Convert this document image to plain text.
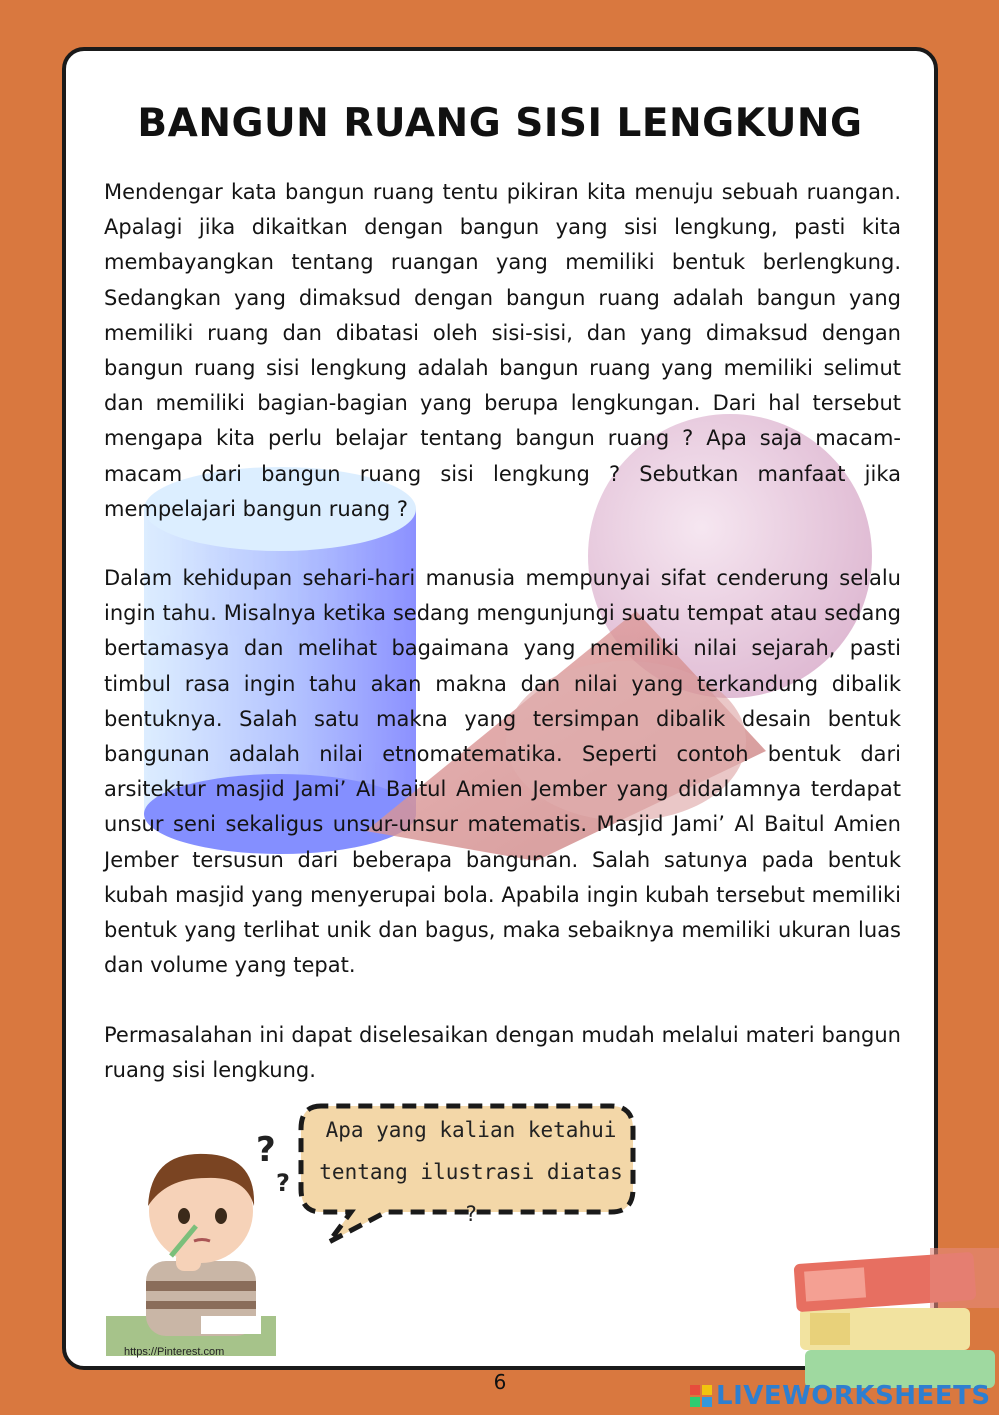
BANGUN RUANG SISI LENGKUNG

Mendengar kata bangun ruang tentu pikiran kita menuju sebuah ruangan. Apalagi jika dikaitkan dengan bangun yang sisi lengkung, pasti kita membayangkan tentang ruangan yang memiliki bentuk berlengkung. Sedangkan yang dimaksud dengan bangun ruang adalah bangun yang memiliki ruang dan dibatasi oleh sisi-sisi, dan yang dimaksud dengan bangun ruang sisi lengkung adalah bangun ruang yang memiliki selimut dan memiliki bagian-bagian yang berupa lengkungan. Dari hal tersebut mengapa kita perlu belajar tentang bangun ruang ? Apa saja macam-macam dari bangun ruang sisi lengkung ? Sebutkan manfaat jika mempelajari bangun ruang ?

Dalam kehidupan sehari-hari manusia mempunyai sifat cenderung selalu ingin tahu. Misalnya ketika sedang mengunjungi suatu tempat atau sedang bertamasya dan melihat bagaimana yang memiliki nilai sejarah, pasti timbul rasa ingin tahu akan makna dan nilai yang terkandung dibalik bentuknya. Salah satu makna yang tersimpan dibalik desain bentuk bangunan adalah nilai etnomatematika. Seperti contoh bentuk dari arsitektur masjid Jami’ Al Baitul Amien Jember yang didalamnya terdapat unsur seni sekaligus unsur-unsur matematis. Masjid Jami’ Al Baitul Amien Jember tersusun dari beberapa bangunan. Salah satunya pada bentuk kubah masjid yang menyerupai bola. Apabila ingin kubah tersebut memiliki bentuk yang terlihat unik dan bagus, maka sebaiknya memiliki ukuran luas dan volume yang tepat.

Permasalahan ini dapat diselesaikan dengan mudah melalui materi bangun ruang sisi lengkung.

Apa yang kalian ketahui
tentang ilustrasi diatas ?
?
?
https://Pinterest.com
6	LIVEWORKSHEETS
